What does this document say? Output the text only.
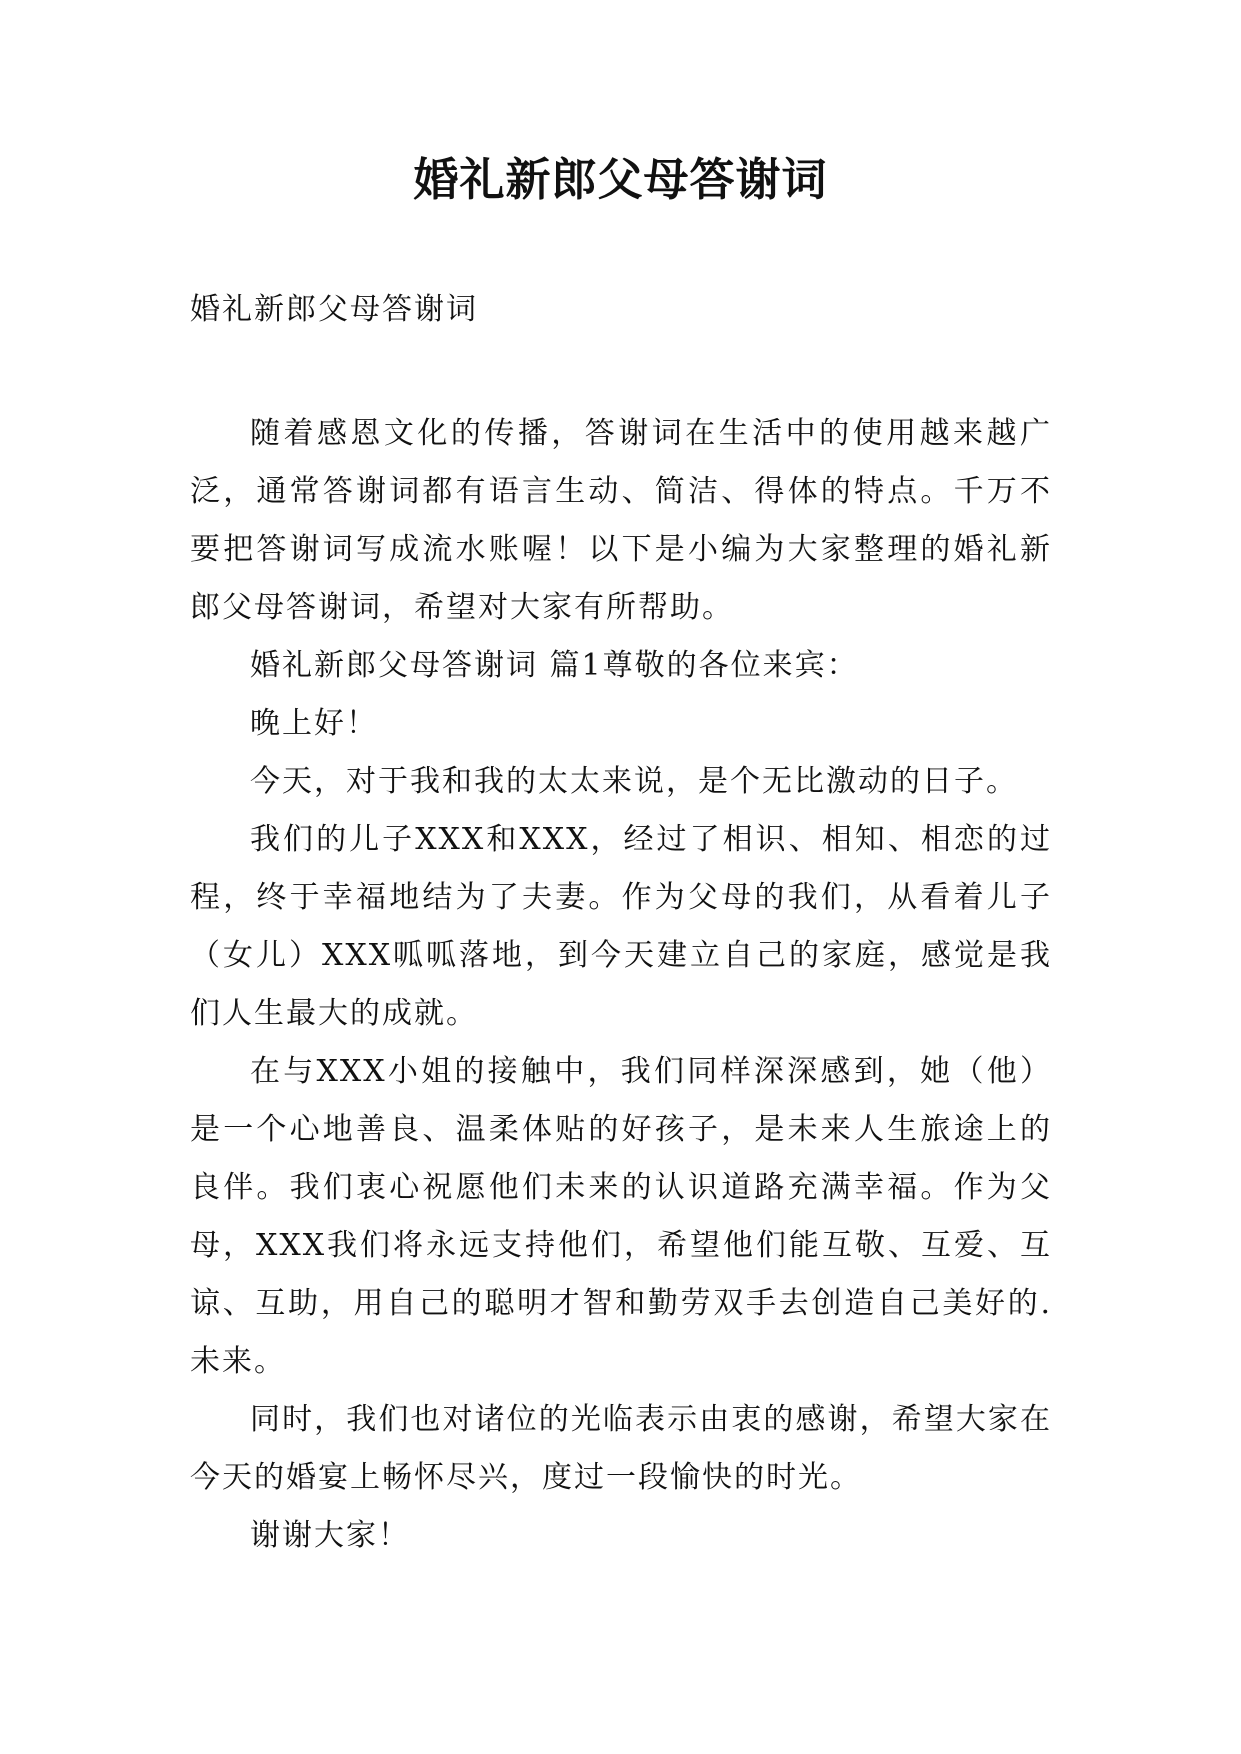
婚礼新郎父母答谢词
婚礼新郎父母答谢词

随着感恩文化的传播，答谢词在生活中的使用越来越广泛，通常答谢词都有语言生动、简洁、得体的特点。千万不要把答谢词写成流水账喔！以下是小编为大家整理的婚礼新郎父母答谢词，希望对大家有所帮助。

婚礼新郎父母答谢词 篇1尊敬的各位来宾：

晚上好！

今天，对于我和我的太太来说，是个无比激动的日子。

我们的儿子XXX和XXX，经过了相识、相知、相恋的过程，终于幸福地结为了夫妻。作为父母的我们，从看着儿子（女儿）XXX呱呱落地，到今天建立自己的家庭，感觉是我们人生最大的成就。

在与XXX小姐的接触中，我们同样深深感到，她（他）是一个心地善良、温柔体贴的好孩子，是未来人生旅途上的良伴。我们衷心祝愿他们未来的认识道路充满幸福。作为父母，XXX我们将永远支持他们，希望他们能互敬、互爱、互谅、互助，用自己的聪明才智和勤劳双手去创造自己美好的.未来。

同时，我们也对诸位的光临表示由衷的感谢，希望大家在今天的婚宴上畅怀尽兴，度过一段愉快的时光。

谢谢大家！
